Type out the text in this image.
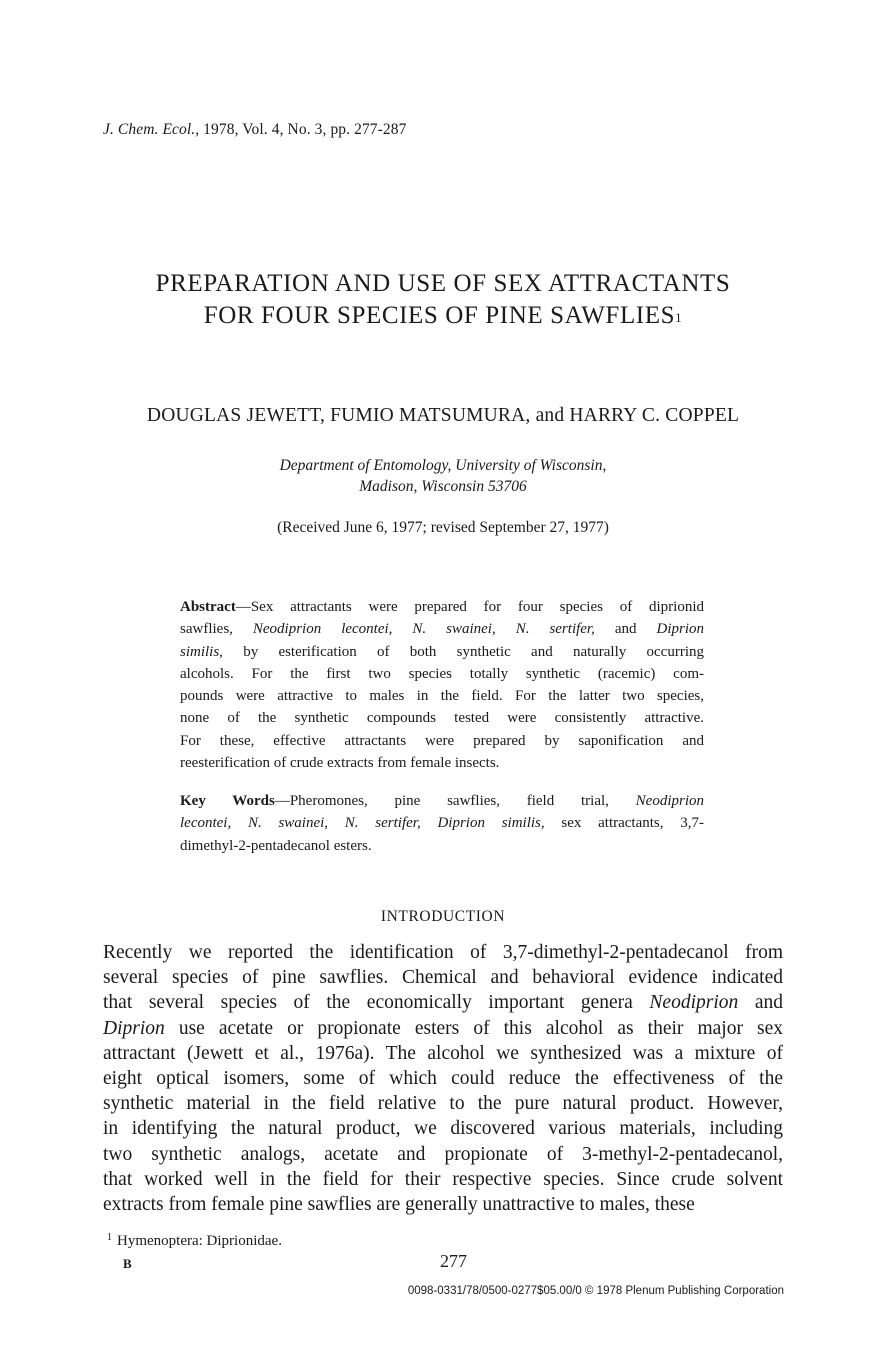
J. Chem. Ecol., 1978, Vol. 4, No. 3, pp. 277-287
PREPARATION AND USE OF SEX ATTRACTANTS
FOR FOUR SPECIES OF PINE SAWFLIES$^1$
DOUGLAS JEWETT, FUMIO MATSUMURA, and HARRY C. COPPEL
Department of Entomology, University of Wisconsin,
Madison, Wisconsin 53706
(Received June 6, 1977; revised September 27, 1977)
Abstract—Sex attractants were prepared for four species of diprionid
sawflies, Neodiprion lecontei, N. swainei, N. sertifer, and Diprion
similis, by esterification of both synthetic and naturally occurring
alcohols. For the first two species totally synthetic (racemic) com-
pounds were attractive to males in the field. For the latter two species,
none of the synthetic compounds tested were consistently attractive.
For these, effective attractants were prepared by saponification and
reesterification of crude extracts from female insects.
Key Words—Pheromones, pine sawflies, field trial, Neodiprion
lecontei, N. swainei, N. sertifer, Diprion similis, sex attractants, 3,7-
dimethyl-2-pentadecanol esters.
INTRODUCTION
Recently we reported the identification of 3,7-dimethyl-2-pentadecanol from
several species of pine sawflies. Chemical and behavioral evidence indicated
that several species of the economically important genera Neodiprion and
Diprion use acetate or propionate esters of this alcohol as their major sex
attractant (Jewett et al., 1976a). The alcohol we synthesized was a mixture of
eight optical isomers, some of which could reduce the effectiveness of the
synthetic material in the field relative to the pure natural product. However,
in identifying the natural product, we discovered various materials, including
two synthetic analogs, acetate and propionate of 3-methyl-2-pentadecanol,
that worked well in the field for their respective species. Since crude solvent
extracts from female pine sawflies are generally unattractive to males, these
$^1$ Hymenoptera: Diprionidae.
B	277
0098-0331/78/0500-0277$05.00/0 © 1978 Plenum Publishing Corporation
